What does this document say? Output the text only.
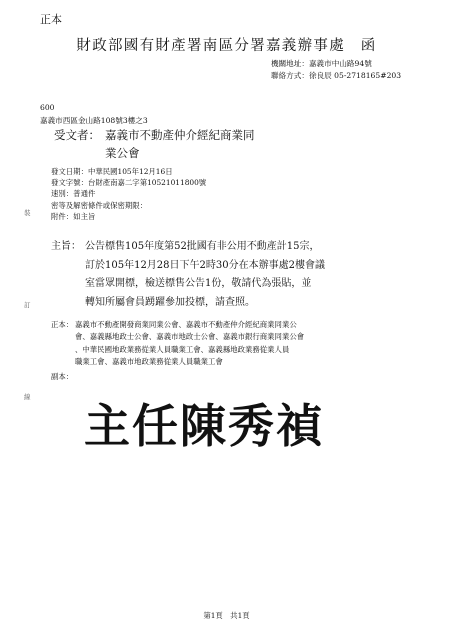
正本
財政部國有財產署南區分署嘉義辦事處　函
機關地址：嘉義市中山路94號
聯絡方式：徐良辰 05-2718165#203
600
嘉義市西區金山路108號3樓之3
受文者： 嘉義市不動產仲介經紀商業同
業公會
發文日期：中華民國105年12月16日
發文字號：台財產南嘉二字第10521011800號
速別：普通件
密等及解密條件或保密期限：
附件：如主旨
主旨： 公告標售105年度第52批國有非公用不動產計15宗，
訂於105年12月28日下午2時30分在本辦事處2樓會議
室當眾開標，檢送標售公告1份，敬請代為張貼，並
轉知所屬會員踴躍參加投標，請查照。
正本： 嘉義市不動產開發商業同業公會、嘉義市不動產仲介經紀商業同業公
會、嘉義縣地政士公會、嘉義市地政士公會、嘉義市銀行商業同業公會
、中華民國地政業務從業人員職業工會、嘉義縣地政業務從業人員
職業工會、嘉義市地政業務從業人員職業工會
副本：
主任陳秀禎
裝
訂
線
第1頁　共1頁
